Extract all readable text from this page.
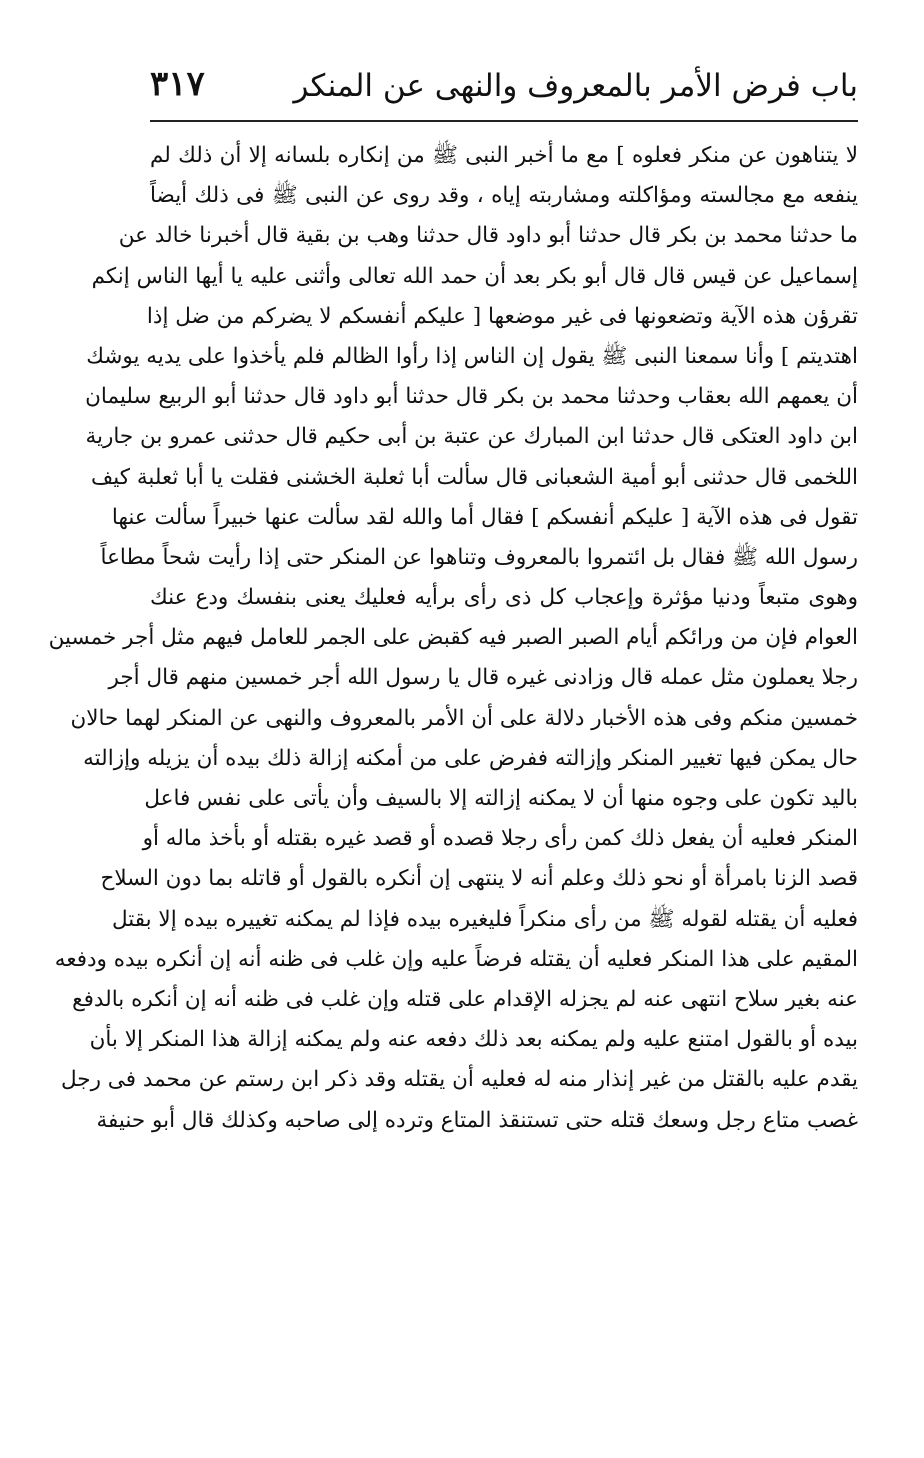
باب فرض الأمر بالمعروف والنهى عن المنكر
٣١٧
لا يتناهون عن منكر فعلوه ] مع ما أخبر النبى ﷺ من إنكاره بلسانه إلا أن ذلك لم
ينفعه مع مجالسته ومؤاكلته ومشاربته إياه ، وقد روى عن النبى ﷺ فى ذلك أيضاً
ما حدثنا محمد بن بكر قال حدثنا أبو داود قال حدثنا وهب بن بقية قال أخبرنا خالد عن
إسماعيل عن قيس قال قال أبو بكر بعد أن حمد الله تعالى وأثنى عليه يا أيها الناس إنكم
تقرؤن هذه الآية وتضعونها فى غير موضعها [ عليكم أنفسكم لا يضركم من ضل إذا
اهتديتم ] وأنا سمعنا النبى ﷺ يقول إن الناس إذا رأوا الظالم فلم يأخذوا على يديه يوشك
أن يعمهم الله بعقاب وحدثنا محمد بن بكر قال حدثنا أبو داود قال حدثنا أبو الربيع سليمان
ابن داود العتكى قال حدثنا ابن المبارك عن عتبة بن أبى حكيم قال حدثنى عمرو بن جارية
اللخمى قال حدثنى أبو أمية الشعبانى قال سألت أبا ثعلبة الخشنى فقلت يا أبا ثعلبة كيف
تقول فى هذه الآية [ عليكم أنفسكم ] فقال أما والله لقد سألت عنها خبيراً سألت عنها
رسول الله ﷺ فقال بل ائتمروا بالمعروف وتناهوا عن المنكر حتى إذا رأيت شحاً مطاعاً
وهوى متبعاً ودنيا مؤثرة وإعجاب كل ذى رأى برأيه فعليك يعنى بنفسك ودع عنك
العوام فإن من ورائكم أيام الصبر الصبر فيه كقبض على الجمر للعامل فيهم مثل أجر خمسين
رجلا يعملون مثل عمله قال وزادنى غيره قال يا رسول الله أجر خمسين منهم قال أجر
خمسين منكم وفى هذه الأخبار دلالة على أن الأمر بالمعروف والنهى عن المنكر لهما حالان
حال يمكن فيها تغيير المنكر وإزالته ففرض على من أمكنه إزالة ذلك بيده أن يزيله وإزالته
باليد تكون على وجوه منها أن لا يمكنه إزالته إلا بالسيف وأن يأتى على نفس فاعل
المنكر فعليه أن يفعل ذلك كمن رأى رجلا قصده أو قصد غيره بقتله أو بأخذ ماله أو
قصد الزنا بامرأة أو نحو ذلك وعلم أنه لا ينتهى إن أنكره بالقول أو قاتله بما دون السلاح
فعليه أن يقتله لقوله ﷺ من رأى منكراً فليغيره بيده فإذا لم يمكنه تغييره بيده إلا بقتل
المقيم على هذا المنكر فعليه أن يقتله فرضاً عليه وإن غلب فى ظنه أنه إن أنكره بيده ودفعه
عنه بغير سلاح انتهى عنه لم يجزله الإقدام على قتله وإن غلب فى ظنه أنه إن أنكره بالدفع
بيده أو بالقول امتنع عليه ولم يمكنه بعد ذلك دفعه عنه ولم يمكنه إزالة هذا المنكر إلا بأن
يقدم عليه بالقتل من غير إنذار منه له فعليه أن يقتله وقد ذكر ابن رستم عن محمد فى رجل
غصب متاع رجل وسعك قتله حتى تستنقذ المتاع وترده إلى صاحبه وكذلك قال أبو حنيفة
